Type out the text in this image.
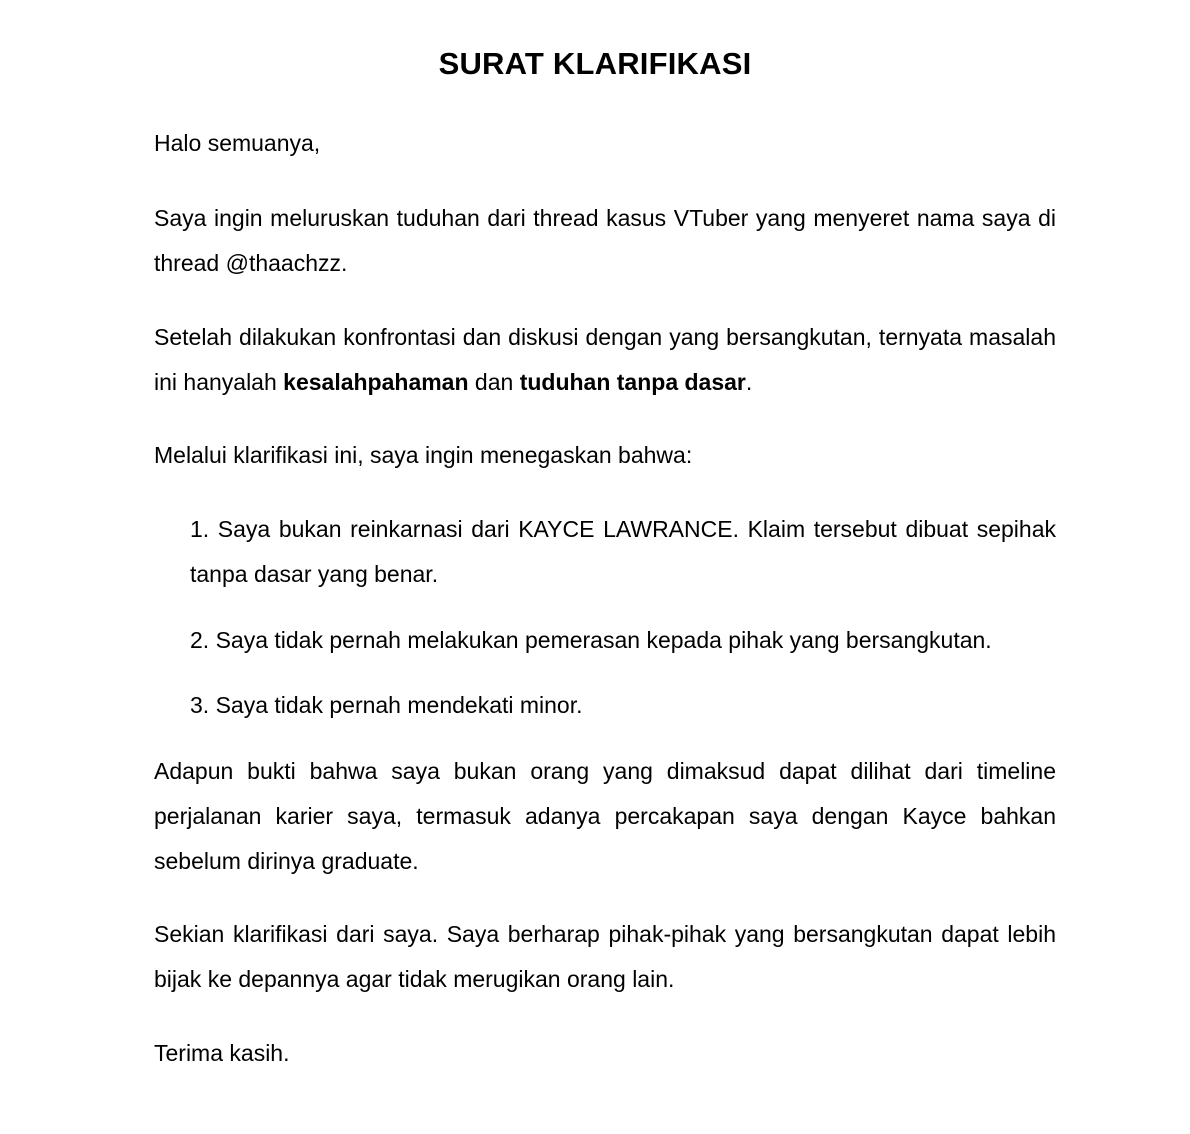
SURAT KLARIFIKASI

Halo semuanya,

Saya ingin meluruskan tuduhan dari thread kasus VTuber yang menyeret nama saya di thread @thaachzz.

Setelah dilakukan konfrontasi dan diskusi dengan yang bersangkutan, ternyata masalah ini hanyalah kesalahpahaman dan tuduhan tanpa dasar.

Melalui klarifikasi ini, saya ingin menegaskan bahwa:

1. Saya bukan reinkarnasi dari KAYCE LAWRANCE. Klaim tersebut dibuat sepihak tanpa dasar yang benar.

2. Saya tidak pernah melakukan pemerasan kepada pihak yang bersangkutan.

3. Saya tidak pernah mendekati minor.

Adapun bukti bahwa saya bukan orang yang dimaksud dapat dilihat dari timeline perjalanan karier saya, termasuk adanya percakapan saya dengan Kayce bahkan sebelum dirinya graduate.

Sekian klarifikasi dari saya. Saya berharap pihak-pihak yang bersangkutan dapat lebih bijak ke depannya agar tidak merugikan orang lain.

Terima kasih.
